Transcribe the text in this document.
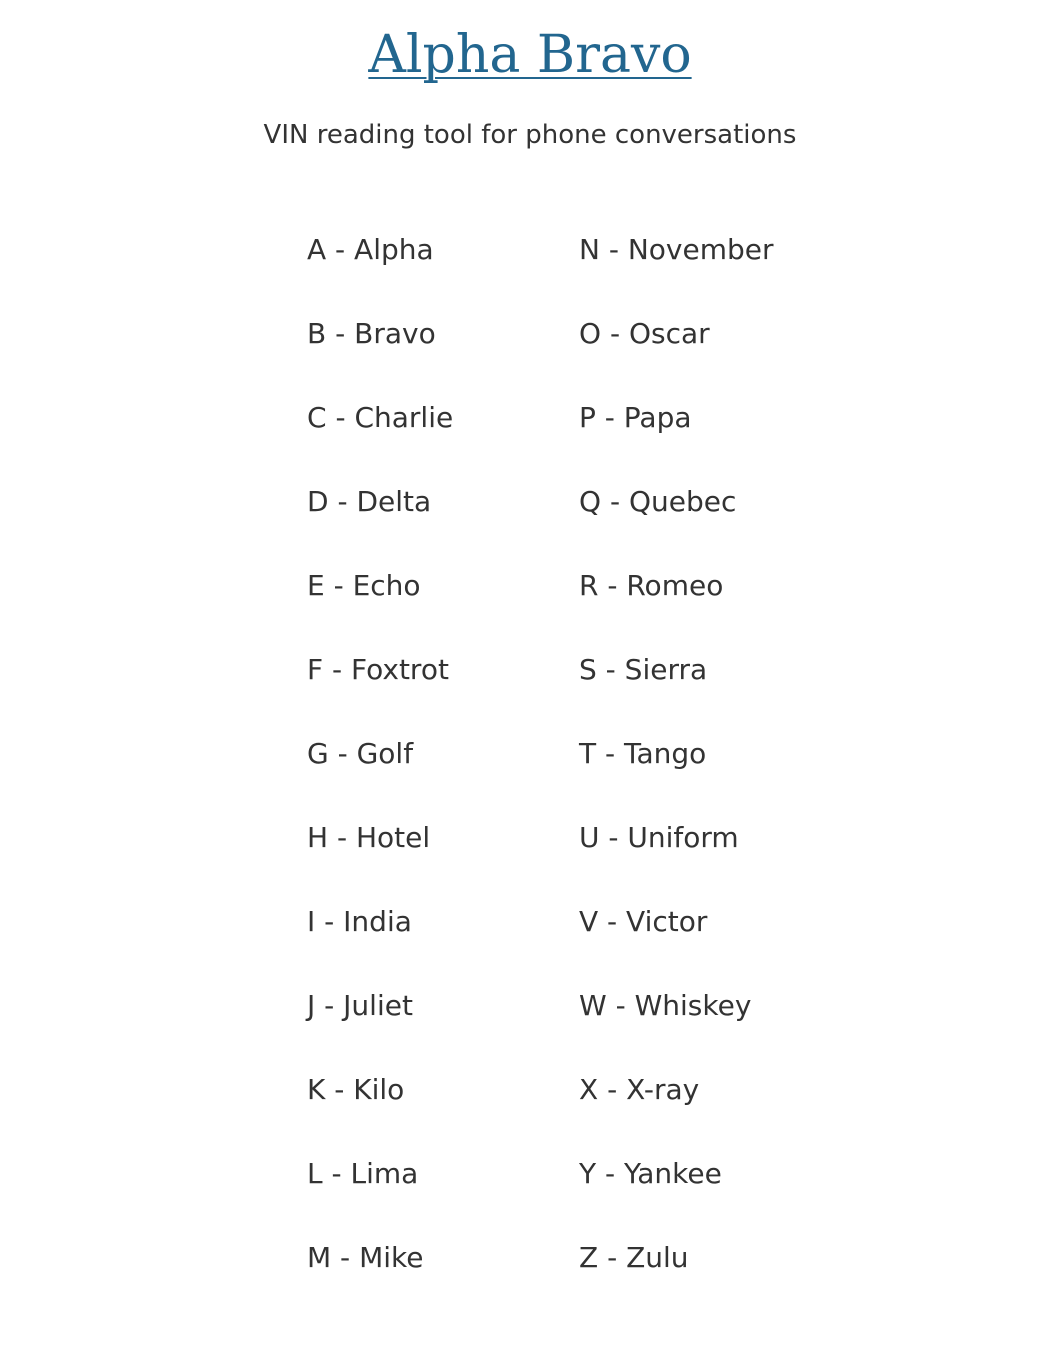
Alpha Bravo

VIN reading tool for phone conversations

A - Alpha
B - Bravo
C - Charlie
D - Delta
E - Echo
F - Foxtrot
G - Golf
H - Hotel
I - India
J - Juliet
K - Kilo
L - Lima
M - Mike
N - November
O - Oscar
P - Papa
Q - Quebec
R - Romeo
S - Sierra
T - Tango
U - Uniform
V - Victor
W - Whiskey
X - X-ray
Y - Yankee
Z - Zulu
